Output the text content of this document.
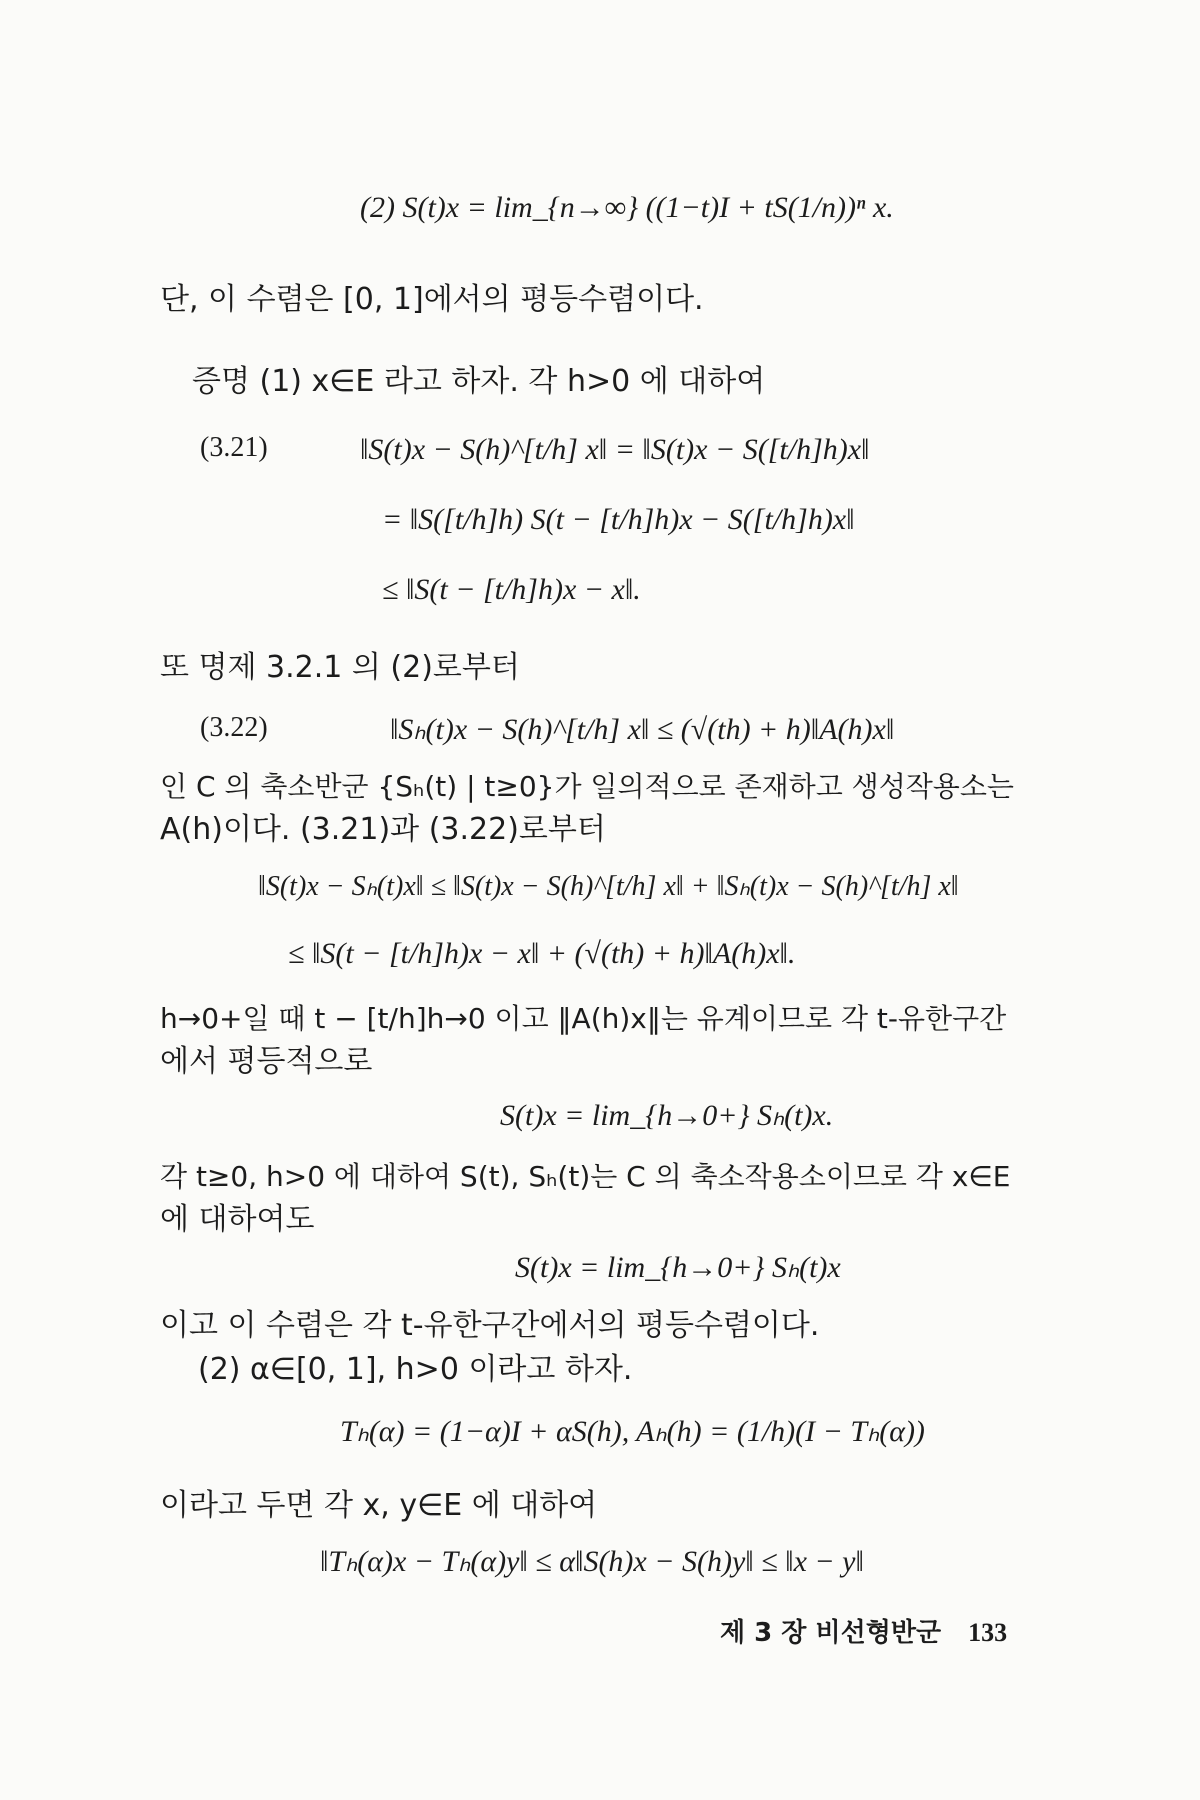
(2) S(t)x = lim_{n→∞} ((1−t)I + tS(1/n))ⁿ x.
단, 이 수렴은 [0, 1]에서의 평등수렴이다.
증명 (1) x∈E 라고 하자. 각 h>0 에 대하여
(3.21)	‖S(t)x − S(h)^[t/h] x‖ = ‖S(t)x − S([t/h]h)x‖
= ‖S([t/h]h) S(t − [t/h]h)x − S([t/h]h)x‖
≤ ‖S(t − [t/h]h)x − x‖.
또 명제 3.2.1 의 (2)로부터
(3.22)	‖Sₕ(t)x − S(h)^[t/h] x‖ ≤ (√(th) + h)‖A(h)x‖
인 C 의 축소반군 {Sₕ(t) | t≥0}가 일의적으로 존재하고 생성작용소는
A(h)이다. (3.21)과 (3.22)로부터
‖S(t)x − Sₕ(t)x‖ ≤ ‖S(t)x − S(h)^[t/h] x‖ + ‖Sₕ(t)x − S(h)^[t/h] x‖
≤ ‖S(t − [t/h]h)x − x‖ + (√(th) + h)‖A(h)x‖.
h→0+일 때 t − [t/h]h→0 이고 ‖A(h)x‖는 유계이므로 각 t-유한구간
에서 평등적으로
S(t)x = lim_{h→0+} Sₕ(t)x.
각 t≥0, h>0 에 대하여 S(t), Sₕ(t)는 C 의 축소작용소이므로 각 x∈E
에 대하여도
S(t)x = lim_{h→0+} Sₕ(t)x
이고 이 수렴은 각 t-유한구간에서의 평등수렴이다.
(2) α∈[0, 1], h>0 이라고 하자.
Tₕ(α) = (1−α)I + αS(h), Aₕ(h) = (1/h)(I − Tₕ(α))
이라고 두면 각 x, y∈E 에 대하여
‖Tₕ(α)x − Tₕ(α)y‖ ≤ α‖S(h)x − S(h)y‖ ≤ ‖x − y‖
제 3 장 비선형반군 133
